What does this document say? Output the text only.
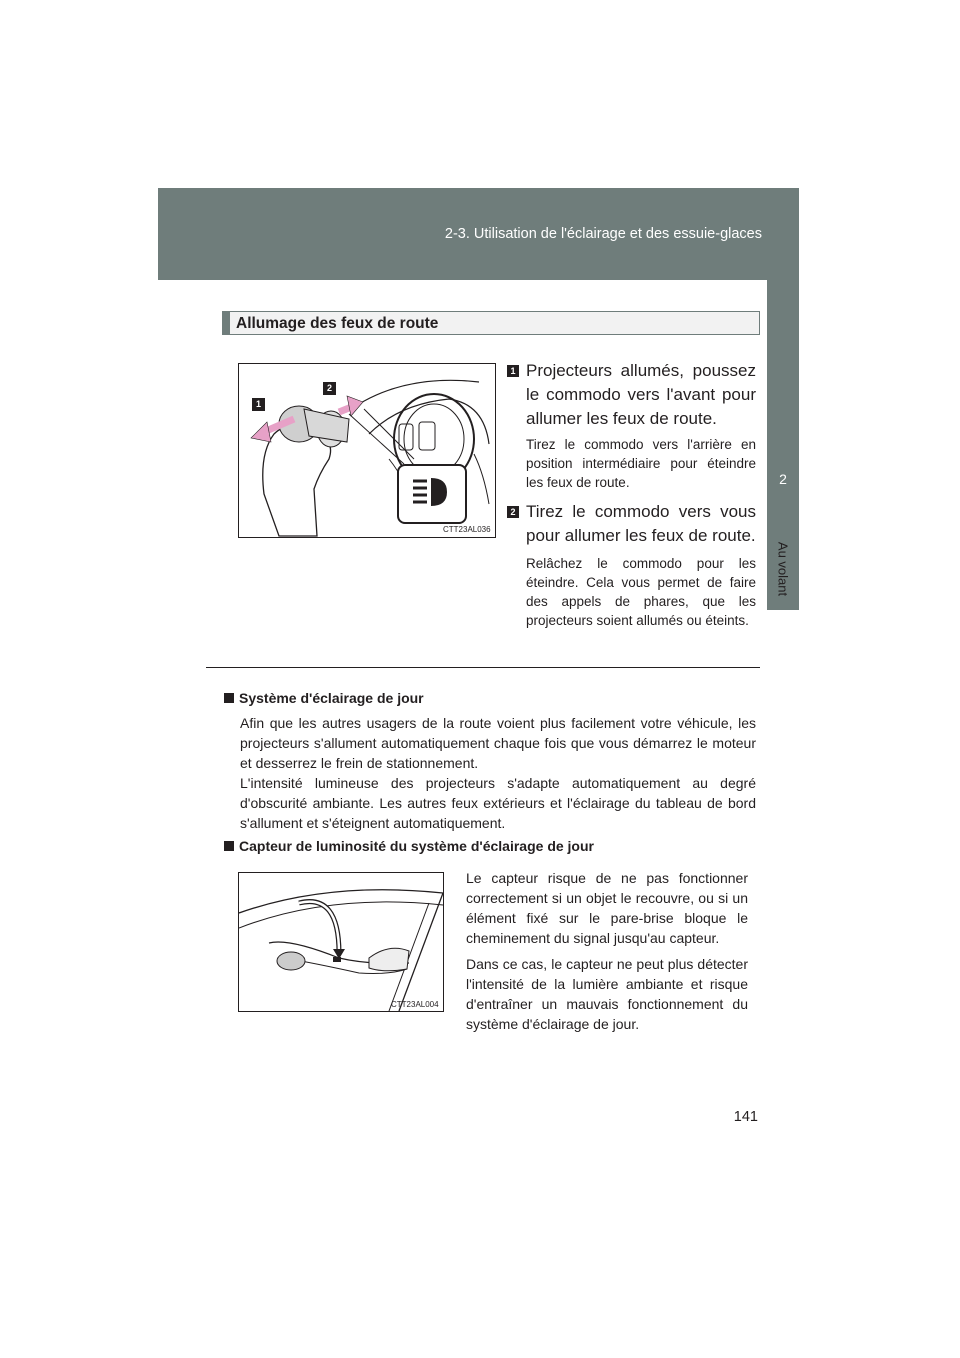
2-3. Utilisation de l'éclairage et des essuie-glaces
2
Au volant
Allumage des feux de route
1
2
CTT23AL036
1 Projecteurs allumés, poussez le commodo vers l'avant pour allumer les feux de route.
Tirez le commodo vers l'arrière en position intermédiaire pour éteindre les feux de route.
2 Tirez le commodo vers vous pour allumer les feux de route.
Relâchez le commodo pour les éteindre. Cela vous permet de faire des appels de phares, que les projecteurs soient allumés ou éteints.
Système d'éclairage de jour

Afin que les autres usagers de la route voient plus facilement votre véhicule, les projecteurs s'allument automatiquement chaque fois que vous démarrez le moteur et desserrez le frein de stationnement.

L'intensité lumineuse des projecteurs s'adapte automatiquement au degré d'obscurité ambiante. Les autres feux extérieurs et l'éclairage du tableau de bord s'allument et s'éteignent automatiquement.

Capteur de luminosité du système d'éclairage de jour
CTT23AL004

Le capteur risque de ne pas fonctionner correctement si un objet le recouvre, ou si un élément fixé sur le pare-brise bloque le cheminement du signal jusqu'au capteur.

Dans ce cas, le capteur ne peut plus détecter l'intensité de la lumière ambiante et risque d'entraîner un mauvais fonctionnement du système d'éclairage de jour.

141
